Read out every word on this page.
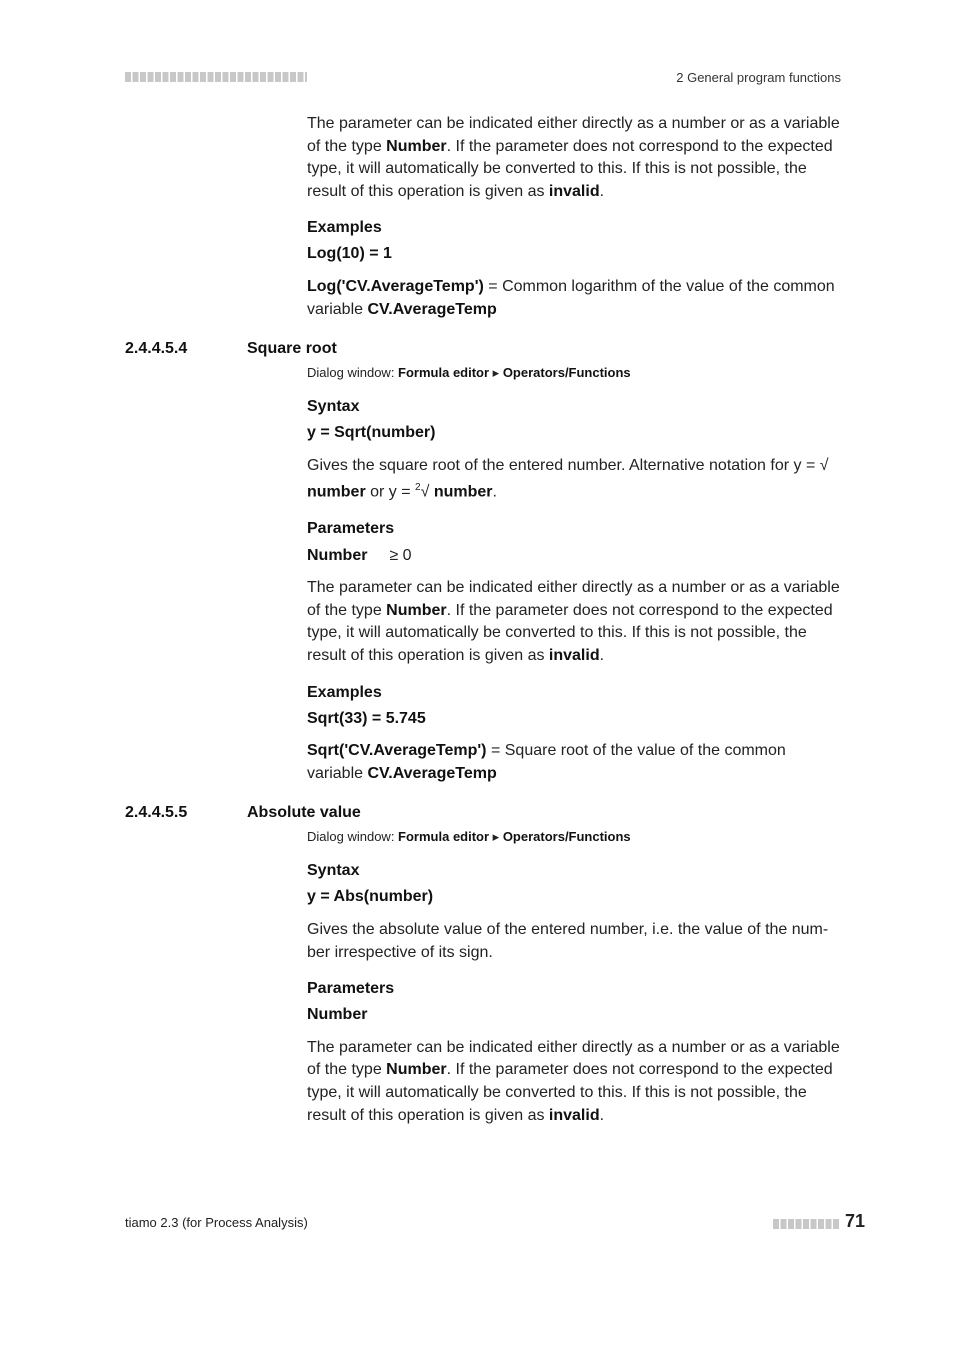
2 General program functions

The parameter can be indicated either directly as a number or as a variable of the type Number. If the parameter does not correspond to the expected type, it will automatically be converted to this. If this is not possible, the result of this operation is given as invalid.

Examples

Log(10) = 1

Log('CV.AverageTemp') = Common logarithm of the value of the common variable CV.AverageTemp

2.4.4.5.4	Square root

Dialog window: Formula editor ▸ Operators/Functions

Syntax

y = Sqrt(number)

Gives the square root of the entered number. Alternative notation for y = √ number or y = $^2$√ number.

Parameters
Number ≥ 0

The parameter can be indicated either directly as a number or as a variable of the type Number. If the parameter does not correspond to the expected type, it will automatically be converted to this. If this is not possible, the result of this operation is given as invalid.

Examples

Sqrt(33) = 5.745

Sqrt('CV.AverageTemp') = Square root of the value of the common variable CV.AverageTemp

2.4.4.5.5	Absolute value

Dialog window: Formula editor ▸ Operators/Functions

Syntax

y = Abs(number)

Gives the absolute value of the entered number, i.e. the value of the number irrespective of its sign.

Parameters

Number

The parameter can be indicated either directly as a number or as a variable of the type Number. If the parameter does not correspond to the expected type, it will automatically be converted to this. If this is not possible, the result of this operation is given as invalid.

tiamo 2.3 (for Process Analysis)	71
